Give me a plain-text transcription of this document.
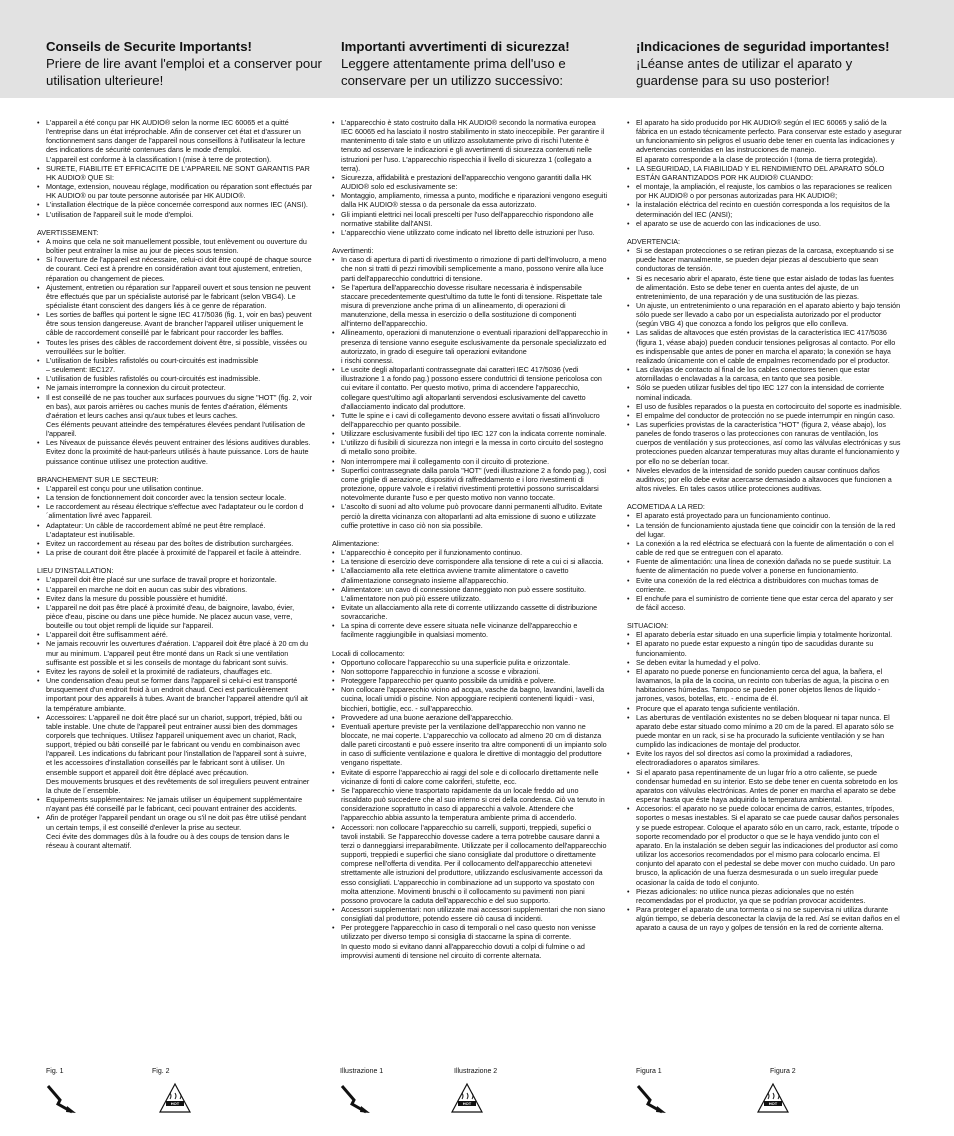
Conseils de Securite Importants!
Priere de lire avant l'emploi et a conserver pour utilisation ulterieure!
Importanti avvertimenti di sicurezza!
Leggere attentamente prima dell'uso e conservare per un utilizzo successivo:
¡Indicaciones de seguridad importantes!
¡Léanse antes de utilizar el aparato y guardense para su uso posterior!

• L'appareil a été conçu par HK AUDIO® selon la norme IEC 60065 et a quitté l'entreprise dans un état irréprochable. Afin de conserver cet état et d'assurer un fonctionnement sans danger de l'appareil nous conseillons à l'utilisateur la lecture des indications de sécurité contenues dans le mode d'emploi.
L'appareil est conforme à la classification I (mise à terre de protection).

• SURETE, FIABILITE ET EFFICACITE DE L'APPAREIL NE SONT GARANTIS PAR HK AUDIO® QUE SI:

• Montage, extension, nouveau réglage, modification ou réparation sont effectués par HK AUDIO® ou par toute personne autorisée par HK AUDIO®.

• L'installation électrique de la pièce concernée correspond aux normes IEC (ANSI).

• L'utilisation de l'appareil suit le mode d'emploi.

AVERTISSEMENT:

• A moins que cela ne soit manuellement possible, tout enlèvement ou ouverture du boîtier peut entraîner la mise au jour de pieces sous tension.

• Si l'ouverture de l'appareil est nécessaire, celui-ci doit être coupé de chaque source de courant. Ceci est à prendre en considération avant tout ajustement, entretien, réparation ou changement de pieces.

• Ajustement, entretien ou réparation sur l'appareil ouvert et sous tension ne peuvent être effectués que par un spécialiste autorisé par le fabricant (selon VBG4). Le spécialiste étant conscient des dangers liés à ce genre de réparation.

• Les sorties de baffles qui portent le signe IEC 417/5036 (fig. 1, voir en bas) peuvent être sous tension dangereuse. Avant de brancher l'appareil utiliser uniquement le câble de raccordement conseillé par le fabricant pour raccorder les baffles.

• Toutes les prises des câbles de raccordement doivent être, si possible, vissées ou verrouillées sur le boîtier.

• L'utilisation de fusibles rafistolés ou court-circuités est inadmissible
– seulement: IEC127.

• L'utilisation de fusibles rafistolés ou court-circuités est inadmissible.

• Ne jamais interrompre la connexion du circuit protecteur.

• Il est conseillé de ne pas toucher aux surfaces pourvues du signe "HOT" (fig. 2, voir en bas), aux parois arrières ou caches munis de fentes d'aération, éléments d'aération et leurs caches ansi qu'aux tubes et leurs caches.
Ces éléments peuvant atteindre des températures élevées pendant l'utilisation de l'appareil.

• Les Niveaux de puissance élevés peuvent entrainer des lésions auditives durables. Evitez donc la proximité de haut-parleurs utilisés à haute puissance. Lors de haute puissance continue utilisez une protection auditive.

BRANCHEMENT SUR LE SECTEUR:

• L'appareil est conçu pour une utilisation continue.

• La tension de fonctionnement doit concorder avec la tension secteur locale.

• Le raccordement au réseau électrique s'effectue avec l'adaptateur ou le cordon d´alimentation livré avec l'appareil.

• Adaptateur: Un câble de raccordement abîmé ne peut être remplacé.
L'adaptateur est inutilisable.

• Evitez un raccordement au réseau par des boîtes de distribution surchargées.

• La prise de courant doit être placée à proximité de l'appareil et facile à atteindre.

LIEU D'INSTALLATION:

• L'appareil doit être placé sur une surface de travail propre et horizontale.

• L'appareil en marche ne doit en aucun cas subir des vibrations.

• Evitez dans la mesure du possible poussière et humidité.

• L'appareil ne doit pas être placé à proximité d'eau, de baignoire, lavabo, évier, pièce d'eau, piscine ou dans une pièce humide. Ne placez aucun vase, verre, bouteille ou tout objet rempli de liquide sur l'appareil.

• L'appareil doit être suffisamment aéré.

• Ne jamais recouvrir les ouvertures d'aération. L'appareil doit être placé à 20 cm du mur au minimum. L'appareil peut être monté dans un Rack si une ventilation suffisante est possible et si les conseils de montage du fabricant sont suivis.

• Evitez les rayons de soleil et la proximité de radiateurs, chauffages etc.

• Une condensation d'eau peut se former dans l'appareil si celui-ci est transporté brusquement d'un endroit froid à un endroit chaud. Ceci est particulièrement important pour des appareils à tubes. Avant de brancher l'appareil attendre qu'il ait la température ambiante.

• Accessoires: L'appareil ne doit être placé sur un chariot, support, trépied, bâti ou table instable. Une chute de l'appareil peut entrainer aussi bien des dommages corporels que techniques. Utilisez l'appareil uniquement avec un chariot, Rack, support, trépied ou bâti conseillé par le fabricant ou vendu en combinaison avec l'appareil. Les indications du fabricant pour l'installation de l'appareil sont à suivre, et les accessoires d'installation conseillés par le fabricant sont à utiliser. Un ensemble support et appareil doit être déplacé avec précaution.
Des mouvements brusques et des revêtements de sol irreguliers peuvent entrainer la chute de l´ensemble.

• Equipements supplémentaires: Ne jamais utiliser un équipement supplémentaire n'ayant pas été conseillé par le fabricant, ceci pouvant entrainer des accidents.

• Afin de protéger l'appareil pendant un orage ou s'il ne doit pas être utilisé pendant un certain temps, il est conseillé d'enlever la prise au secteur.
Ceci évite des dommages dûs à la foudre ou à des coups de tension dans le réseau à courant alternatif.

• L'apparecchio è stato costruito dalla HK AUDIO® secondo la normativa europea IEC 60065 ed ha lasciato il nostro stabilimento in stato ineccepibile. Per garantire il mantenimento di tale stato e un utilizzo assolutamente privo di rischi l'utente è tenuto ad osservare le indicazioni e gli avvertimenti di sicurezza contenuti nelle istruzioni per l'uso. L'apparecchio rispecchia il livello di sicurezza 1 (collegato a terra).

• Sicurezza, affidabilità e prestazioni dell'apparecchio vengono garantiti dalla HK AUDIO® solo ed esclusivamente se:

• Montaggio, ampliamento, rimessa a punto, modifiche e riparazioni vengono eseguiti dalla HK AUDIO® stessa o da personale da essa autorizzato.

• Gli impianti elettrici nei locali prescelti per l'uso dell'apparecchio rispondono alle normative stabilite dall'ANSI.

• L'apparecchio viene utilizzato come indicato nel libretto delle istruzioni per l'uso.

Avvertimenti:

• In caso di apertura di parti di rivestimento o rimozione di parti dell'involucro, a meno che non si tratti di pezzi rimovibili semplicemente a mano, possono venire alla luce parti dell'apparecchio conduttrici di tensione.

• Se l'apertura dell'apparecchio dovesse risultare necessaria è indispensabile staccare precedentemente quest'ultimo da tutte le fonti di tensione. Rispettate tale misura di prevenzione anche prima di un allineamento, di operazioni di manutenzione, della messa in esercizio o della sostituzione di componenti all'interno dell'apparecchio.

• Allineamento, operazioni di manutenzione o eventuali riparazioni dell'apparecchio in presenza di tensione vanno eseguite esclusivamente da personale specializzato ed autorizzato, in grado di eseguire tali operazioni evitandone
i rischi connessi.

• Le uscite degli altoparlanti contrassegnate dai caratteri IEC 417/5036 (vedi illustrazione 1 a fondo pag.) possono essere conduttrici di tensione pericolosa con cui evitare il contatto. Per questo motivo, prima di accendere l'apparecchio, collegare quest'ultimo agli altoparlanti servendosi esclusivamente del cavetto d'allacciamento indicato dal produttore.

• Tutte le spine e i cavi di collegamento devono essere avvitati o fissati all'involucro dell'apparecchio per quanto possibile.

• Utilizzare esclusivamente fusibili del tipo IEC 127 con la indicata corrente nominale.

• L'utilizzo di fusibili di sicurezza non integri e la messa in corto circuito del sostegno di metallo sono proibite.

• Non interrompere mai il collegamento con il circuito di protezione.

• Superfici contrassegnate dalla parola "HOT" (vedi illustrazione 2 a fondo pag.), così come griglie di aerazione, dispositivi di raffreddamento e i loro rivestimenti di protezione, oppure valvole e i relativi rivestimenti protettivi possono surriscaldarsi notevolmente durante l'uso e per questo motivo non vanno toccate.

• L'ascolto di suoni ad alto volume può provocare danni permanenti all'udito. Evitate perciò la diretta vicinanza con altoparlanti ad alta emissione di suono e utilizzate cuffie protettive in caso ciò non sia possibile.

Alimentazione:

• L'apparecchio è concepito per il funzionamento continuo.

• La tensione di esercizio deve corrispondere alla tensione di rete a cui ci si allaccia.

• L'allacciamento alla rete elettrica avviene tramite alimentatore o cavetto d'alimentazione consegnato insieme all'apparecchio.

• Alimentatore: un cavo di connessione danneggiato non può essere sostituito. L'alimentatore non può più essere utilizzato.

• Evitate un allacciamento alla rete di corrente utilizzando cassette di distribuzione sovraccariche.

• La spina di corrente deve essere situata nelle vicinanze dell'apparecchio e facilmente raggiungibile in qualsiasi momento.

Locali di collocamento:

• Opportuno collocare l'apparecchio su una superficie pulita e orizzontale.

• Non sottoporre l'apparecchio in funzione a scosse e vibrazioni.

• Proteggere l'apparecchio per quanto possibile da umidità e polvere.

• Non collocare l'apparecchio vicino ad acqua, vasche da bagno, lavandini, lavelli da cucina, locali umidi o piscine. Non appoggiare recipienti contenenti liquidi - vasi, bicchieri, bottiglie, ecc. - sull'apparecchio.

• Provvedere ad una buone aerazione dell'apparecchio.

• Eventuali aperture previste per la ventilazione dell'apparecchio non vanno ne bloccate, ne mai coperte. L'apparecchio va collocato ad almeno 20 cm di distanza dalle pareti circostanti e può essere inserito tra altre componenti di un impianto solo in caso di sufficiente ventilazione e qualora le direttive di montaggio del produttore vengano rispettate.

• Evitate di esporre l'apparecchio ai raggi del sole e di collocarlo direttamente nelle vicinanze di fonti di calore come caloriferi, stufette, ecc.

• Se l'apparecchio viene trasportato rapidamente da un locale freddo ad uno riscaldato può succedere che al suo interno si crei della condensa. Ciò va tenuto in considerazione soprattutto in caso di apparecchi a valvole. Attendere che l'apparecchio abbia assunto la temperatura ambiente prima di accenderlo.

• Accessori: non collocare l'apparecchio su carrelli, supporti, treppiedi, supefici o tavoli instabili. Se l'apparecchio dovesse cadere a terra potrebbe causare danni a terzi o danneggiarsi irreparabilmente. Utilizzate per il collocamento dell'apparecchio supporti, treppiedi e superfici che siano consigliate dal produttore o direttamente comprese nell'offerta di vendita. Per il collocamento dell'apparecchio attenetevi strettamente alle istruzioni del produttore, utilizzando esclusivamente accessori da esso consigliati. L'apparecchio in combinazione ad un supporto va spostato con molta attenzione. Movimenti bruschi o il collocamento su pavimenti non piani possono provocare la caduta dell'apparecchio e del suo supporto.

• Accessori supplementari: non utilizzate mai accessori supplementari che non siano consigliati dal produttore, potendo essere ciò causa di incidenti.

• Per proteggere l'apparecchio in caso di temporali o nel caso questo non venisse utilizzato per diverso tempo si consiglia di staccarne la spina di corrente.
In questo modo si evitano danni all'apparecchio dovuti a colpi di fulmine o ad improvvisi aumenti di tensione nel circuito di corrente alternata.

• El aparato ha sido producido por HK AUDIO® según el IEC 60065 y salió de la fábrica en un estado técnicamente perfecto. Para conservar este estado y asegurar un funcionamiento sin peligros el usuario debe tener en cuenta las indicaciones y advertencias contenidas en las instrucciones de manejo.
El aparato corresponde a la clase de protección I (toma de tierra protegida).

• LA SEGURIDAD, LA FIABILIDAD Y EL RENDIMIENTO DEL APARATO SÓLO ESTÁN GARANTIZADOS POR HK AUDIO® CUANDO:

• el montaje, la ampliación, el reajuste, los cambios o las reparaciones se realicen por HK AUDIO® o por personas autorizadas para HK AUDIO®;

• la instalación eléctrica del recinto en cuestión corresponda a los requisitos de la determinación del IEC (ANSI);

• el aparato se use de acuerdo con las indicaciones de uso.

ADVERTENCIA:

• Si se destapan protecciones o se retiran piezas de la carcasa, exceptuando si se puede hacer manualmente, se pueden dejar piezas al descubierto que sean conductoras de tensión.

• Si es necesario abrir el aparato, éste tiene que estar aislado de todas las fuentes de alimentación. Esto se debe tener en cuenta antes del ajuste, de un entretenimiento, de una reparación y de una sustitución de las piezas.

• Un ajuste, un entretenimiento o una reparación en el aparato abierto y bajo tensión sólo puede ser llevado a cabo por un especialista autorizado por el productor (según VBG 4) que conozca a fondo los peligros que ello conlleva.

• Las salidas de altavoces que estén provistas de la característica IEC 417/5036 (figura 1, véase abajo) pueden conducir tensiones peligrosas al contacto. Por ello es indispensable que antes de poner en marcha el aparato; la conexión se haya realizado únicamente con el cable de empalmes recomendado por el productor.

• Las clavijas de contacto al final de los cables conectores tienen que estar atornilladas o enclavadas a la carcasa, en tanto que sea posible.

• Sólo se pueden utilizar fusibles del tipo IEC 127 con la intensidad de corriente nominal indicada.

• El uso de fusibles reparados o la puesta en cortocircuito del soporte es inadmisible.

• El empalme del conductor de protección no se puede interrumpir en ningún caso.

• Las superficies provistas de la característica "HOT" (figura 2, véase abajo), los paneles de fondo traseros o las protecciones con ranuras de ventilación, los cuerpos de ventilación y sus protecciones, así como las válvulas electrónicas y sus protecciones pueden alcanzar temperaturas muy altas durante el funcionamiento y por ello no se deberían tocar.

• Niveles elevados de la intensidad de sonido pueden causar continuos daños auditivos; por ello debe evitar acercarse demasiado a altavoces que funcionen a altos niveles. En tales casos utilice protecciones auditivas.

ACOMETIDA A LA RED:

• El aparato está proyectado para un funcionamiento continuo.

• La tensión de funcionamiento ajustada tiene que coincidir con la tensión de la red del lugar.

• La conexión a la red eléctrica se efectuará con la fuente de alimentación o con el cable de red que se entreguen con el aparato.

• Fuente de alimentación: una línea de conexión dañada no se puede sustituir. La fuente de alimentación no puede volver a ponerse en funcionamiento.

• Evite una conexión de la red eléctrica a distribuidores con muchas tomas de corriente.

• El enchufe para el suministro de corriente tiene que estar cerca del aparato y ser de fácil acceso.

SITUACION:

• El aparato debería estar situado en una superficie limpia y totalmente horizontal.

• El aparato no puede estar expuesto a ningún tipo de sacudidas durante su funcionamiento.

• Se deben evitar la humedad y el polvo.

• El aparato no puede ponerse en funcionamiento cerca del agua, la bañera, el lavamanos, la pila de la cocina, un recinto con tuberías de agua, la piscina o en habitaciones húmedas. Tampoco se pueden poner objetos llenos de líquido - jarrones, vasos, botellas, etc. - encima de él.

• Procure que el aparato tenga suficiente ventilación.

• Las aberturas de ventilación existentes no se deben bloquear ni tapar nunca. El aparato debe estar situado como mínimo a 20 cm de la pared. El aparato sólo se puede montar en un rack, si se ha procurado la suficiente ventilación y se han cumplido las indicaciones de montaje del productor.

• Evite los rayos del sol directos así como la proximidad a radiadores, electroradiadores o aparatos similares.

• Si el aparato pasa repentinamente de un lugar frío a otro caliente, se puede condensar humedad en su interior. Esto se debe tener en cuenta sobretodo en los aparatos con válvulas electrónicas. Antes de poner en marcha el aparato se debe esperar hasta que éste haya adquirido la temperatura ambiental.

• Accesorios: el aparato no se puede colocar encima de carros, estantes, trípodes, soportes o mesas inestables. Si el aparato se cae puede causar daños personales y se puede estropear. Coloque el aparato sólo en un carro, rack, estante, trípode o soporte recomendado por el productor o que se le haya vendido junto con el aparato. En la instalación se deben seguir las indicaciones del productor así como utilizar los accesorios recomendados por el mismo para colocarlo encima. El conjunto del aparato con el pedestal se debe mover con mucho cuidado. Un paro brusco, la aplicación de una fuerza desmesurada o un suelo irregular puede ocasionar la caída de todo el conjunto.

• Piezas adicionales: no utilice nunca piezas adicionales que no estén recomendadas por el productor, ya que se podrían provocar accidentes.

• Para proteger el aparato de una tormenta o si no se supervisa ni utiliza durante algún tiempo, se debería desconectar la clavija de la red. Así se evitan daños en el aparato a causa de un rayo y golpes de tensión en la red de corriente alterna.

Fig. 1	Fig. 2
HOT
Illustrazione 1	Illustrazione 2
HOT
Figura 1	Figura 2
HOT
